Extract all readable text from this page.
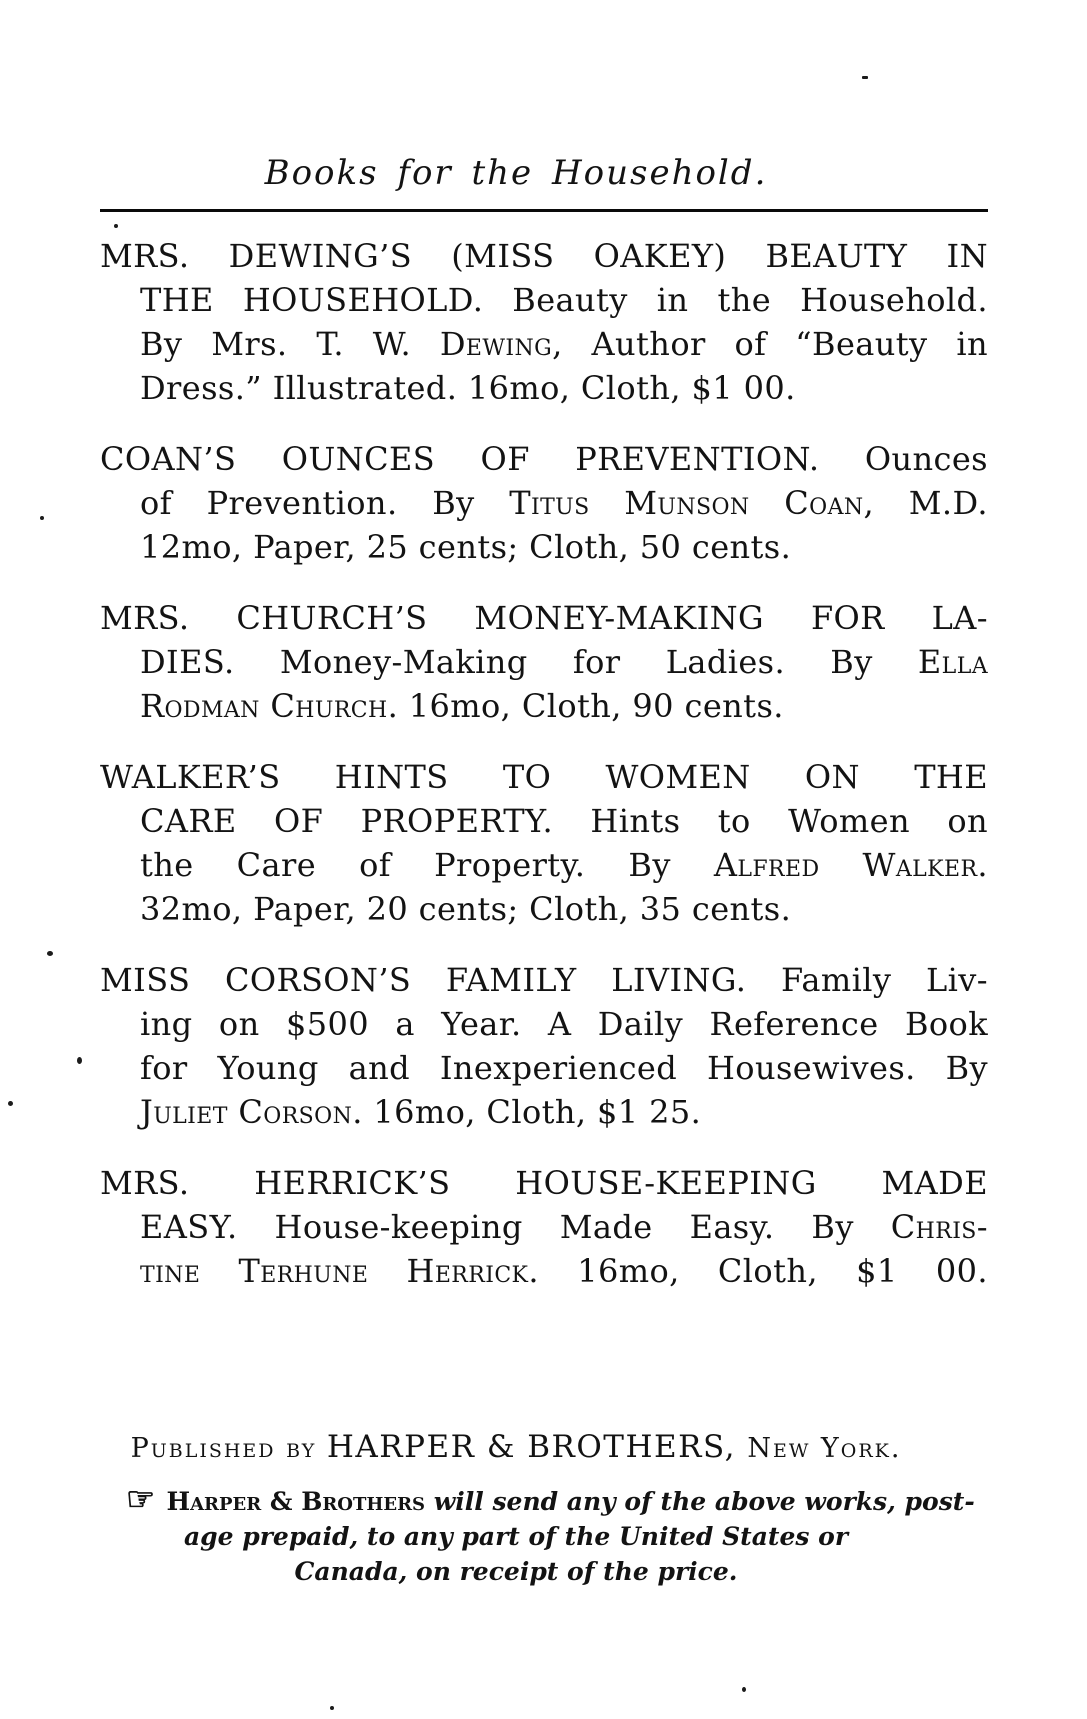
Books for the Household.
MRS. DEWING’S (MISS OAKEY) BEAUTY IN
THE HOUSEHOLD. Beauty in the Household.
By Mrs. T. W. Dewing, Author of “Beauty in
Dress.” Illustrated. 16mo, Cloth, $1 00.
COAN’S OUNCES OF PREVENTION. Ounces
of Prevention. By Titus Munson Coan, M.D.
12mo, Paper, 25 cents; Cloth, 50 cents.
MRS. CHURCH’S MONEY-MAKING FOR LA-
DIES. Money-Making for Ladies. By Ella
Rodman Church. 16mo, Cloth, 90 cents.
WALKER’S HINTS TO WOMEN ON THE
CARE OF PROPERTY. Hints to Women on
the Care of Property. By Alfred Walker.
32mo, Paper, 20 cents; Cloth, 35 cents.
MISS CORSON’S FAMILY LIVING. Family Liv-
ing on $500 a Year. A Daily Reference Book
for Young and Inexperienced Housewives. By
Juliet Corson. 16mo, Cloth, $1 25.
MRS. HERRICK’S HOUSE-KEEPING MADE
EASY. House-keeping Made Easy. By Chris-
tine Terhune Herrick. 16mo, Cloth, $1 00.
Published by HARPER & BROTHERS, New York.
☞ Harper & Brothers will send any of the above works, post-
age prepaid, to any part of the United States or
Canada, on receipt of the price.
